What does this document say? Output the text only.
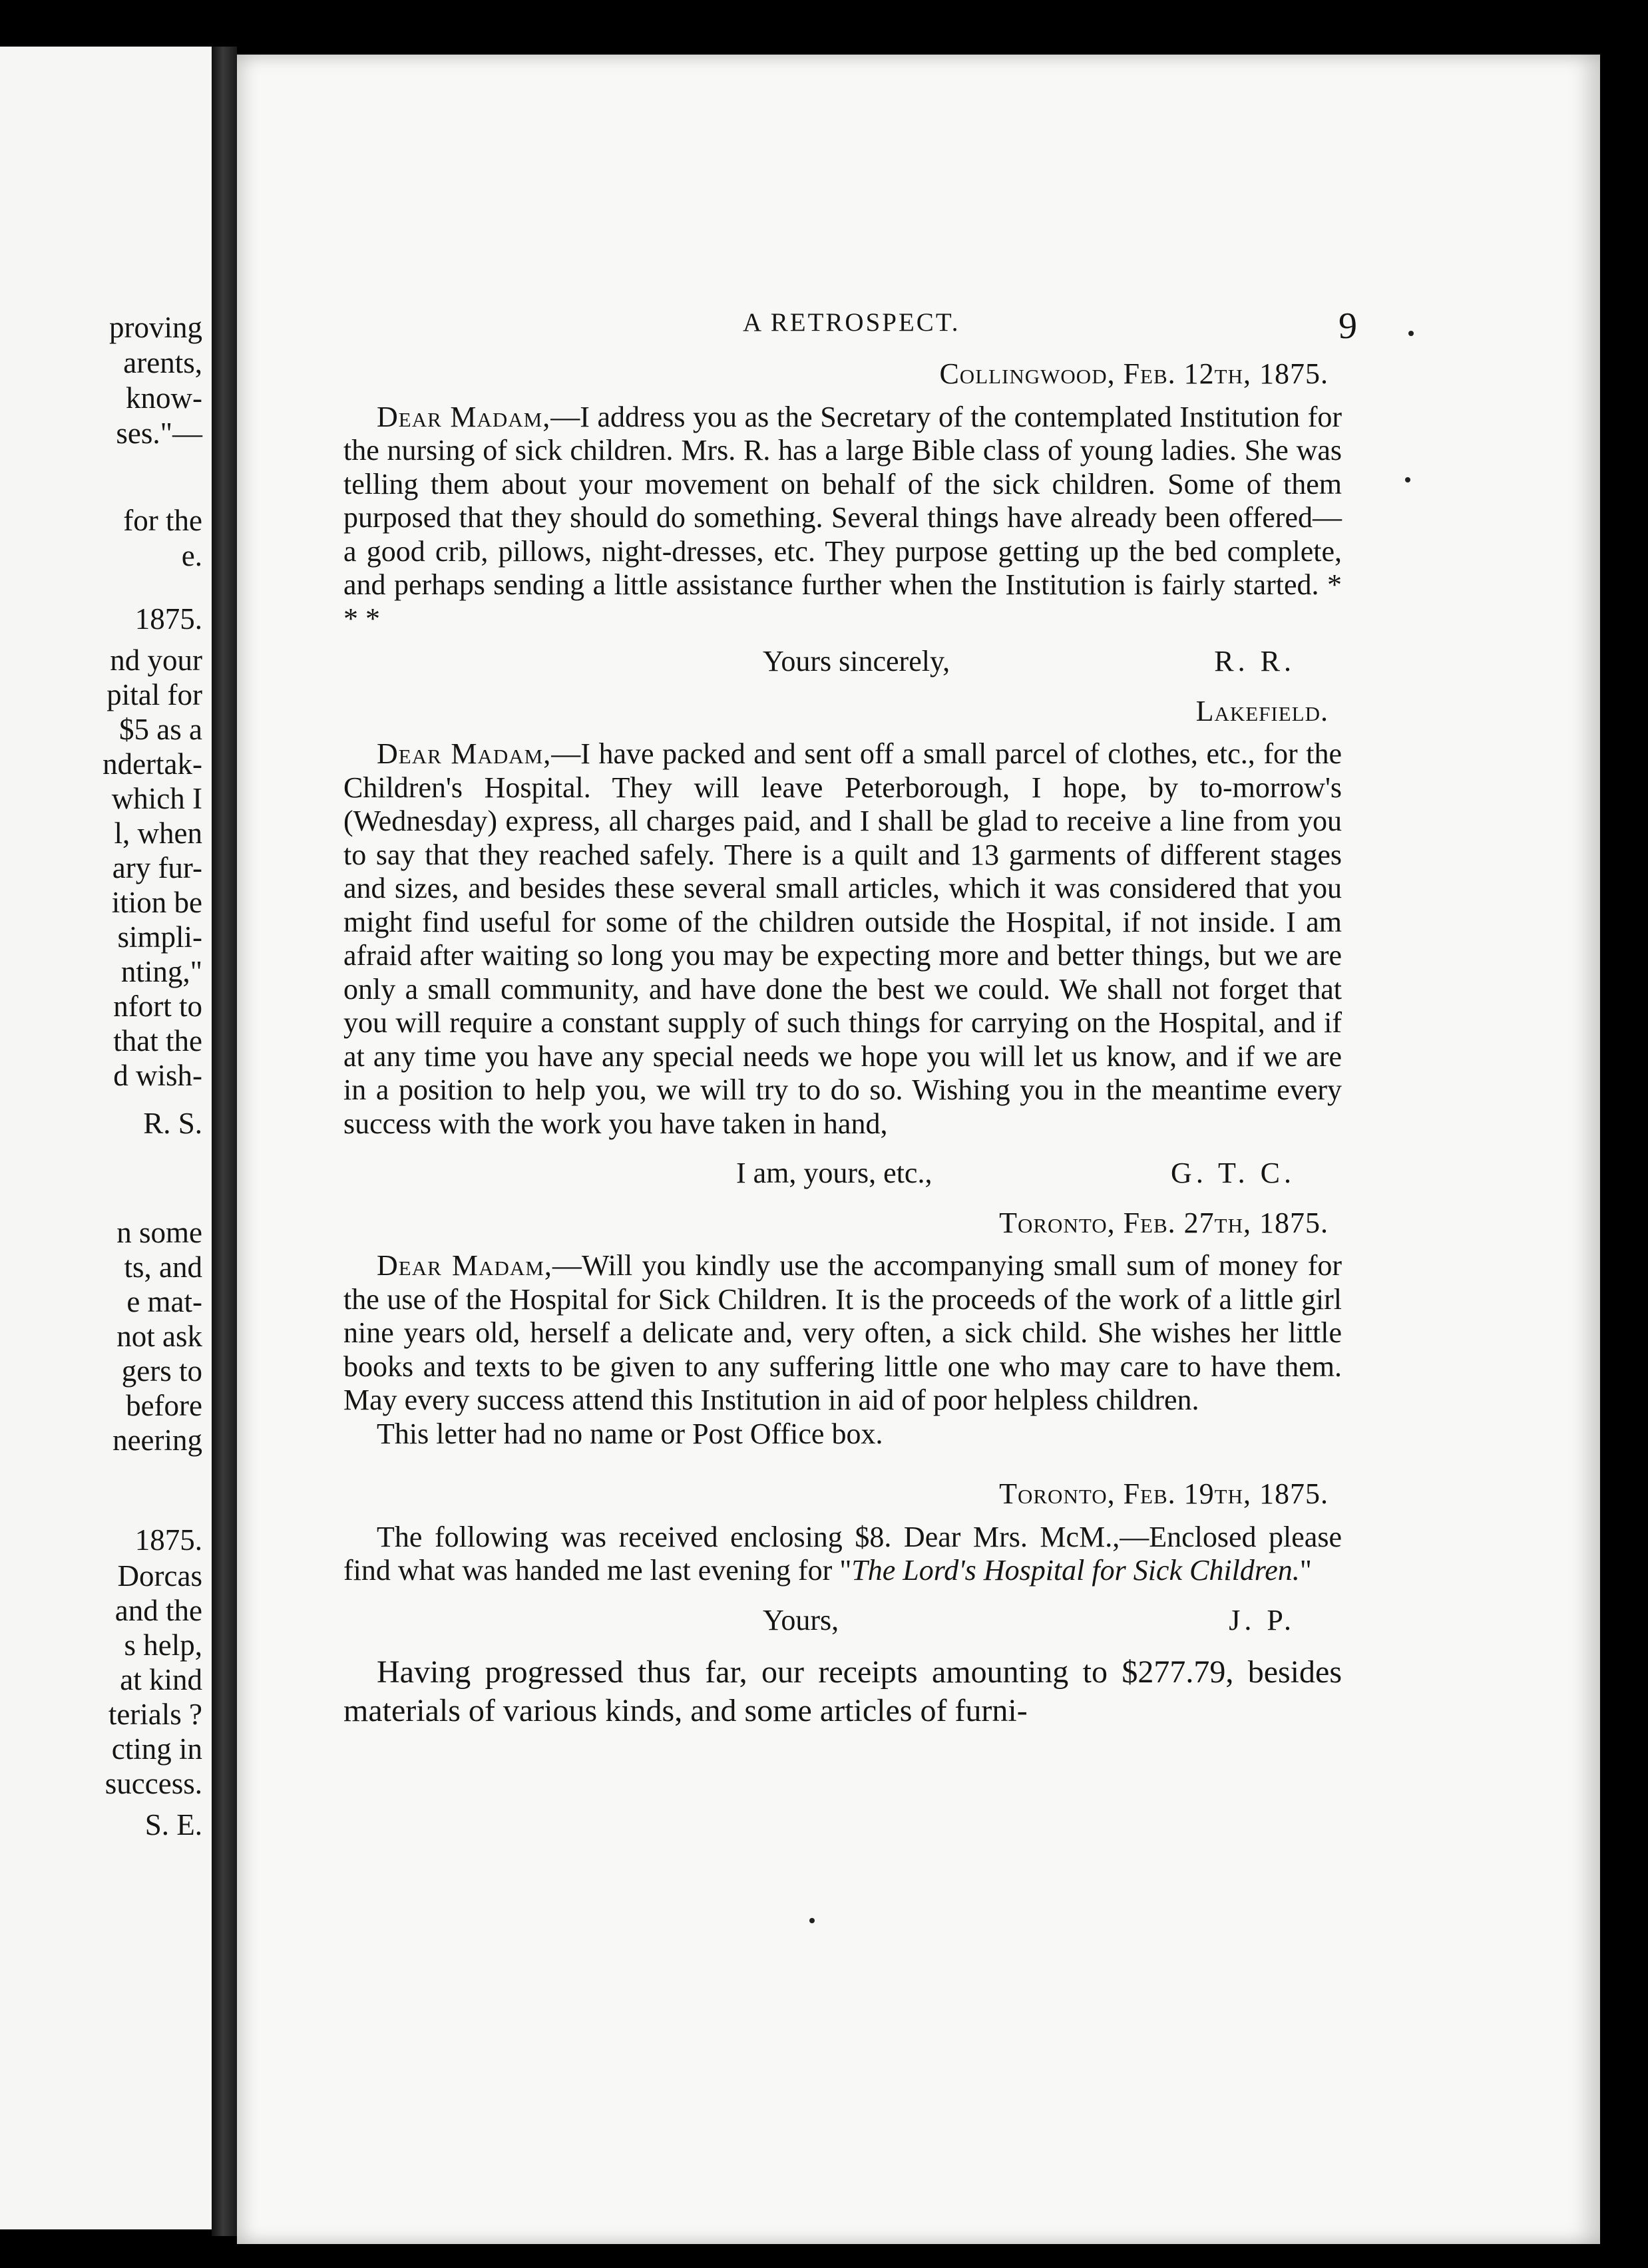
proving
arents,
know-
ses."—
for the
e.
1875.
nd your
pital for
$5 as a
ndertak-
which I
l, when
ary fur-
ition be
simpli-
nting,"
nfort to
that the
d wish-
R. S.
n some
ts, and
e mat-
not ask
gers to
before
neering
1875.
Dorcas
and the
s help,
at kind
terials ?
cting in
success.
S. E.
A RETROSPECT.	9

Collingwood, Feb. 12th, 1875.

Dear Madam,—I address you as the Secretary of the contemplated Institution for the nursing of sick children. Mrs. R. has a large Bible class of young ladies. She was telling them about your movement on behalf of the sick children. Some of them purposed that they should do something. Several things have already been offered—a good crib, pillows, night-dresses, etc. They purpose getting up the bed complete, and perhaps sending a little assistance further when the Institution is fairly started. * * *

Yours sincerely,	R. R.

Lakefield.

Dear Madam,—I have packed and sent off a small parcel of clothes, etc., for the Children's Hospital. They will leave Peterborough, I hope, by to-morrow's (Wednesday) express, all charges paid, and I shall be glad to receive a line from you to say that they reached safely. There is a quilt and 13 garments of different stages and sizes, and besides these several small articles, which it was considered that you might find useful for some of the children outside the Hospital, if not inside. I am afraid after waiting so long you may be expecting more and better things, but we are only a small community, and have done the best we could. We shall not forget that you will require a constant supply of such things for carrying on the Hospital, and if at any time you have any special needs we hope you will let us know, and if we are in a position to help you, we will try to do so. Wishing you in the meantime every success with the work you have taken in hand,

I am, yours, etc.,	G. T. C.

Toronto, Feb. 27th, 1875.

Dear Madam,—Will you kindly use the accompanying small sum of money for the use of the Hospital for Sick Children. It is the proceeds of the work of a little girl nine years old, herself a delicate and, very often, a sick child. She wishes her little books and texts to be given to any suffering little one who may care to have them. May every success attend this Institution in aid of poor helpless children.

This letter had no name or Post Office box.

Toronto, Feb. 19th, 1875.

The following was received enclosing $8. Dear Mrs. McM.,—Enclosed please find what was handed me last evening for "The Lord's Hospital for Sick Children."

Yours,	J. P.

Having progressed thus far, our receipts amounting to $277.79, besides materials of various kinds, and some articles of furni-
